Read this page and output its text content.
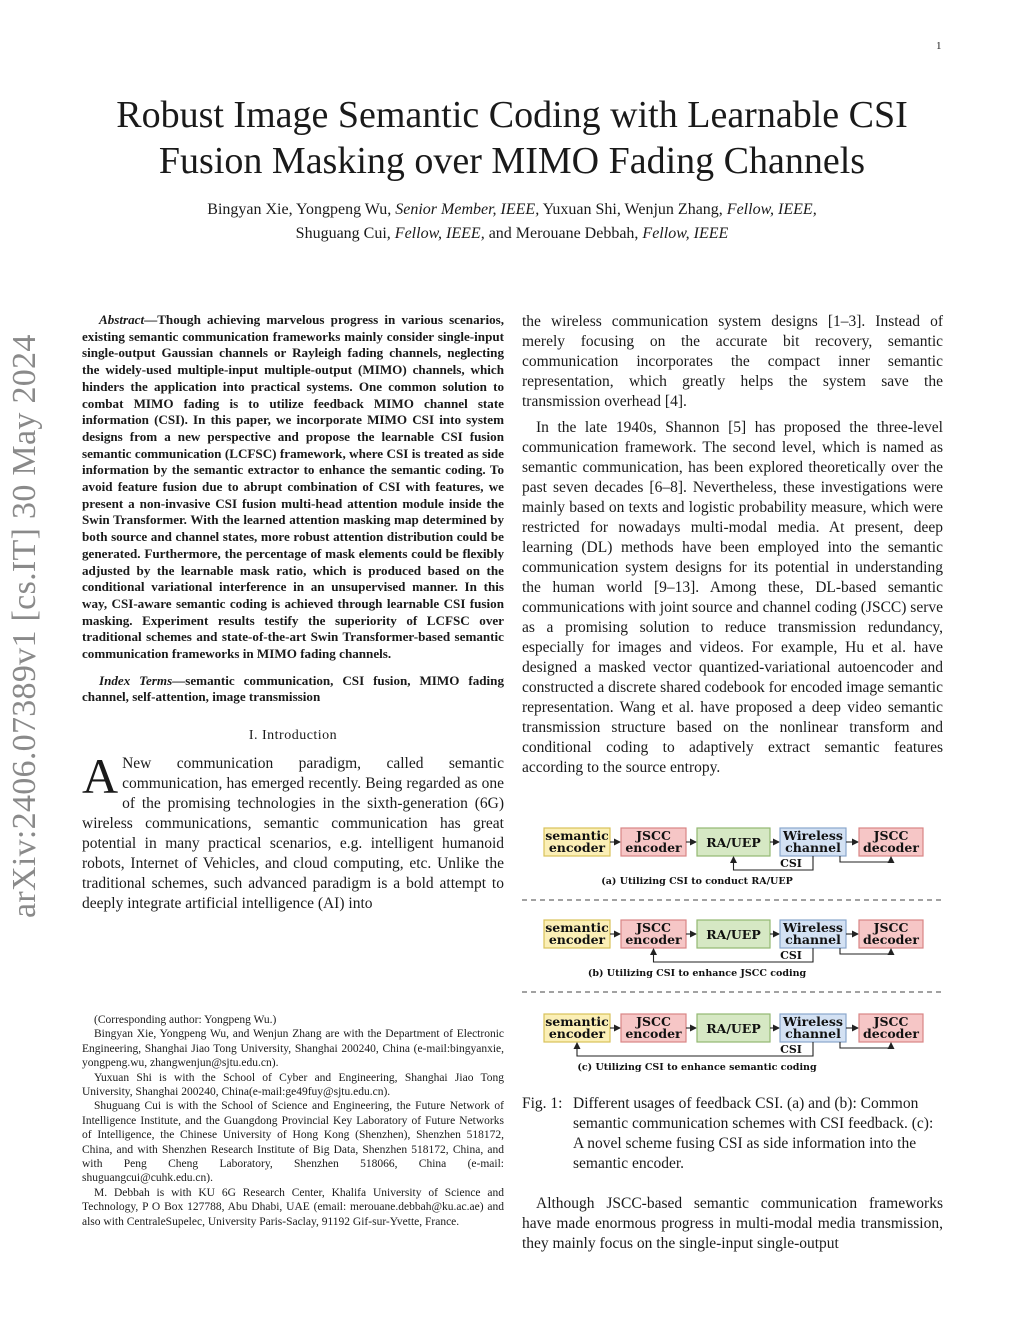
1
arXiv:2406.07389v1 [cs.IT] 30 May 2024
Robust Image Semantic Coding with Learnable CSI
Fusion Masking over MIMO Fading Channels
Bingyan Xie, Yongpeng Wu, Senior Member, IEEE, Yuxuan Shi, Wenjun Zhang, Fellow, IEEE,
Shuguang Cui, Fellow, IEEE, and Merouane Debbah, Fellow, IEEE

Abstract—Though achieving marvelous progress in various scenarios, existing semantic communication frameworks mainly consider single-input single-output Gaussian channels or Rayleigh fading channels, neglecting the widely-used multiple-input multiple-output (MIMO) channels, which hinders the application into practical systems. One common solution to combat MIMO fading is to utilize feedback MIMO channel state information (CSI). In this paper, we incorporate MIMO CSI into system designs from a new perspective and propose the learnable CSI fusion semantic communication (LCFSC) framework, where CSI is treated as side information by the semantic extractor to enhance the semantic coding. To avoid feature fusion due to abrupt combination of CSI with features, we present a non-invasive CSI fusion multi-head attention module inside the Swin Transformer. With the learned attention masking map determined by both source and channel states, more robust attention distribution could be generated. Furthermore, the percentage of mask elements could be flexibly adjusted by the learnable mask ratio, which is produced based on the conditional variational interference in an unsupervised manner. In this way, CSI-aware semantic coding is achieved through learnable CSI fusion masking. Experiment results testify the superiority of LCFSC over traditional schemes and state-of-the-art Swin Transformer-based semantic communication frameworks in MIMO fading channels.

Index Terms—semantic communication, CSI fusion, MIMO fading channel, self-attention, image transmission

I. Introduction

A New communication paradigm, called semantic communication, has emerged recently. Being regarded as one of the promising technologies in the sixth-generation (6G) wireless communications, semantic communication has great potential in many practical scenarios, e.g. intelligent humanoid robots, Internet of Vehicles, and cloud computing, etc. Unlike the traditional schemes, such advanced paradigm is a bold attempt to deeply integrate artificial intelligence (AI) into

(Corresponding author: Yongpeng Wu.)

Bingyan Xie, Yongpeng Wu, and Wenjun Zhang are with the Department of Electronic Engineering, Shanghai Jiao Tong University, Shanghai 200240, China (e-mail:bingyanxie, yongpeng.wu, zhangwenjun@sjtu.edu.cn).

Yuxuan Shi is with the School of Cyber and Engineering, Shanghai Jiao Tong University, Shanghai 200240, China(e-mail:ge49fuy@sjtu.edu.cn).

Shuguang Cui is with the School of Science and Engineering, the Future Network of Intelligence Institute, and the Guangdong Provincial Key Laboratory of Future Networks of Intelligence, the Chinese University of Hong Kong (Shenzhen), Shenzhen 518172, China, and with Shenzhen Research Institute of Big Data, Shenzhen 518172, China, and with Peng Cheng Laboratory, Shenzhen 518066, China (e-mail: shuguangcui@cuhk.edu.cn).

M. Debbah is with KU 6G Research Center, Khalifa University of Science and Technology, P O Box 127788, Abu Dhabi, UAE (email: merouane.debbah@ku.ac.ae) and also with CentraleSupelec, University Paris-Saclay, 91192 Gif-sur-Yvette, France.

the wireless communication system designs [1–3]. Instead of merely focusing on the accurate bit recovery, semantic communication incorporates the compact inner semantic representation, which greatly helps the system save the transmission overhead [4].

In the late 1940s, Shannon [5] has proposed the three-level communication framework. The second level, which is named as semantic communication, has been explored theoretically over the past seven decades [6–8]. Nevertheless, these investigations were mainly based on texts and logistic probability measure, which were restricted for nowadays multi-modal media. At present, deep learning (DL) methods have been employed into the semantic communication system designs for its potential in understanding the human world [9–13]. Among these, DL-based semantic communications with joint source and channel coding (JSCC) serve as a promising solution to reduce transmission redundancy, especially for images and videos. For example, Hu et al. have designed a masked vector quantized-variational autoencoder and constructed a discrete shared codebook for encoded image semantic representation. Wang et al. have proposed a deep video semantic transmission structure based on the nonlinear transform and conditional coding to adaptively extract semantic features according to the source entropy.

semantic
encoder
JSCC
encoder RA/UEP Wireless
channel
JSCC
decoder
CSI
(a) Utilizing CSI to conduct RA/UEP
semantic
encoder
JSCC
encoder RA/UEP Wireless
channel
JSCC
decoder
CSI
(b) Utilizing CSI to enhance JSCC coding
semantic
encoder
JSCC
encoder RA/UEP Wireless
channel
JSCC
decoder
CSI
(c) Utilizing CSI to enhance semantic coding
Fig. 1: Different usages of feedback CSI. (a) and (b): Common semantic communication schemes with CSI feedback. (c): A novel scheme fusing CSI as side information into the semantic encoder.

Although JSCC-based semantic communication frameworks have made enormous progress in multi-modal media transmission, they mainly focus on the single-input single-output
